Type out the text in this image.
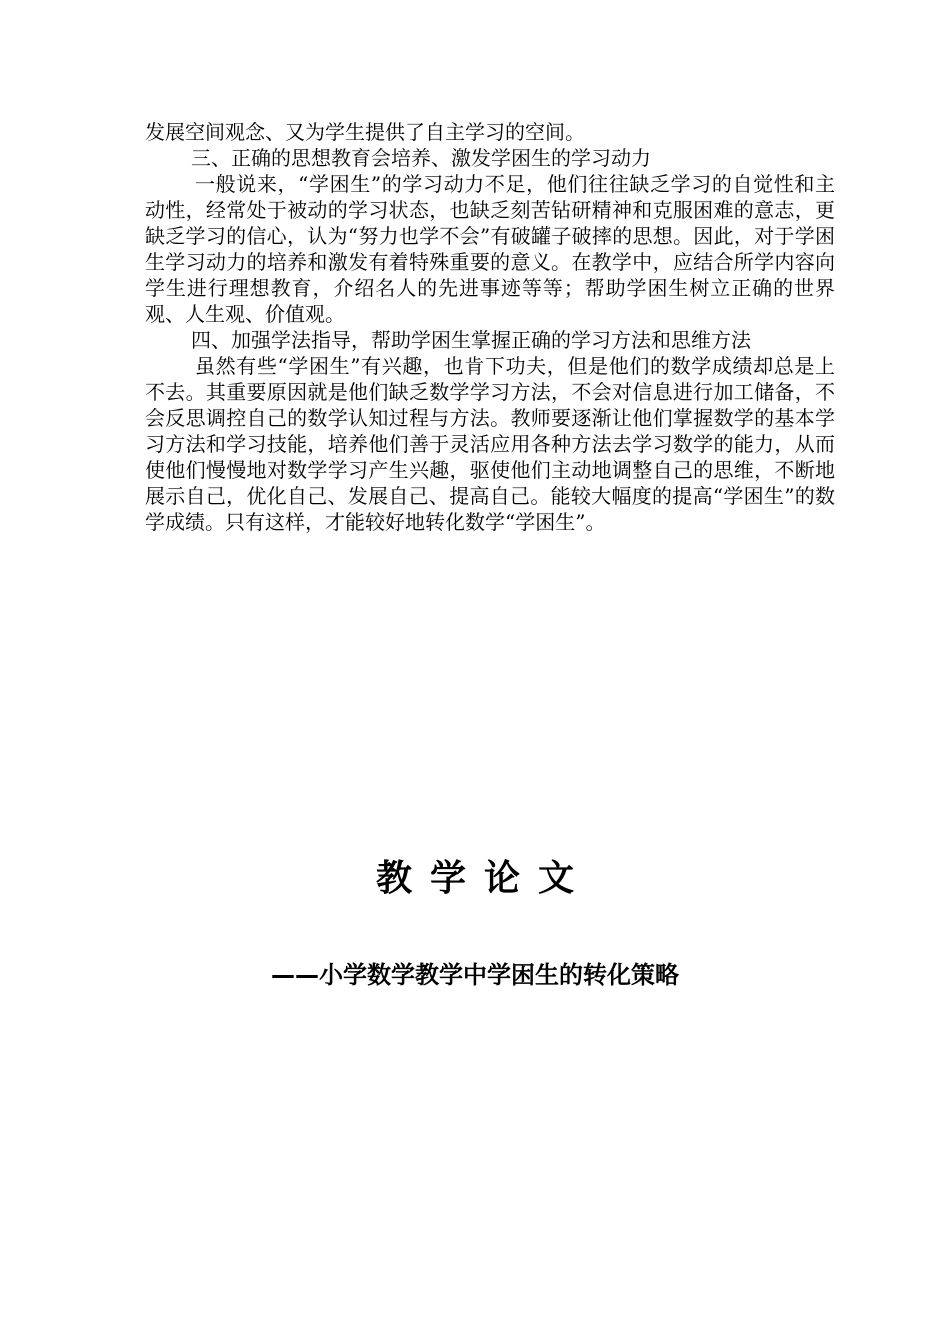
发展空间观念、又为学生提供了自主学习的空间。

三、正确的思想教育会培养、激发学困生的学习动力

一般说来，“学困生”的学习动力不足，他们往往缺乏学习的自觉性和主动性，经常处于被动的学习状态，也缺乏刻苦钻研精神和克服困难的意志，更缺乏学习的信心，认为“努力也学不会”有破罐子破摔的思想。因此，对于学困生学习动力的培养和激发有着特殊重要的意义。在教学中，应结合所学内容向学生进行理想教育，介绍名人的先进事迹等等；帮助学困生树立正确的世界观、人生观、价值观。

四、加强学法指导，帮助学困生掌握正确的学习方法和思维方法

虽然有些“学困生”有兴趣，也肯下功夫，但是他们的数学成绩却总是上不去。其重要原因就是他们缺乏数学学习方法，不会对信息进行加工储备，不会反思调控自己的数学认知过程与方法。教师要逐渐让他们掌握数学的基本学习方法和学习技能，培养他们善于灵活应用各种方法去学习数学的能力，从而使他们慢慢地对数学学习产生兴趣，驱使他们主动地调整自己的思维，不断地展示自己，优化自己、发展自己、提高自己。能较大幅度的提高“学困生”的数学成绩。只有这样，才能较好地转化数学“学困生”。

教学论文
——小学数学教学中学困生的转化策略
